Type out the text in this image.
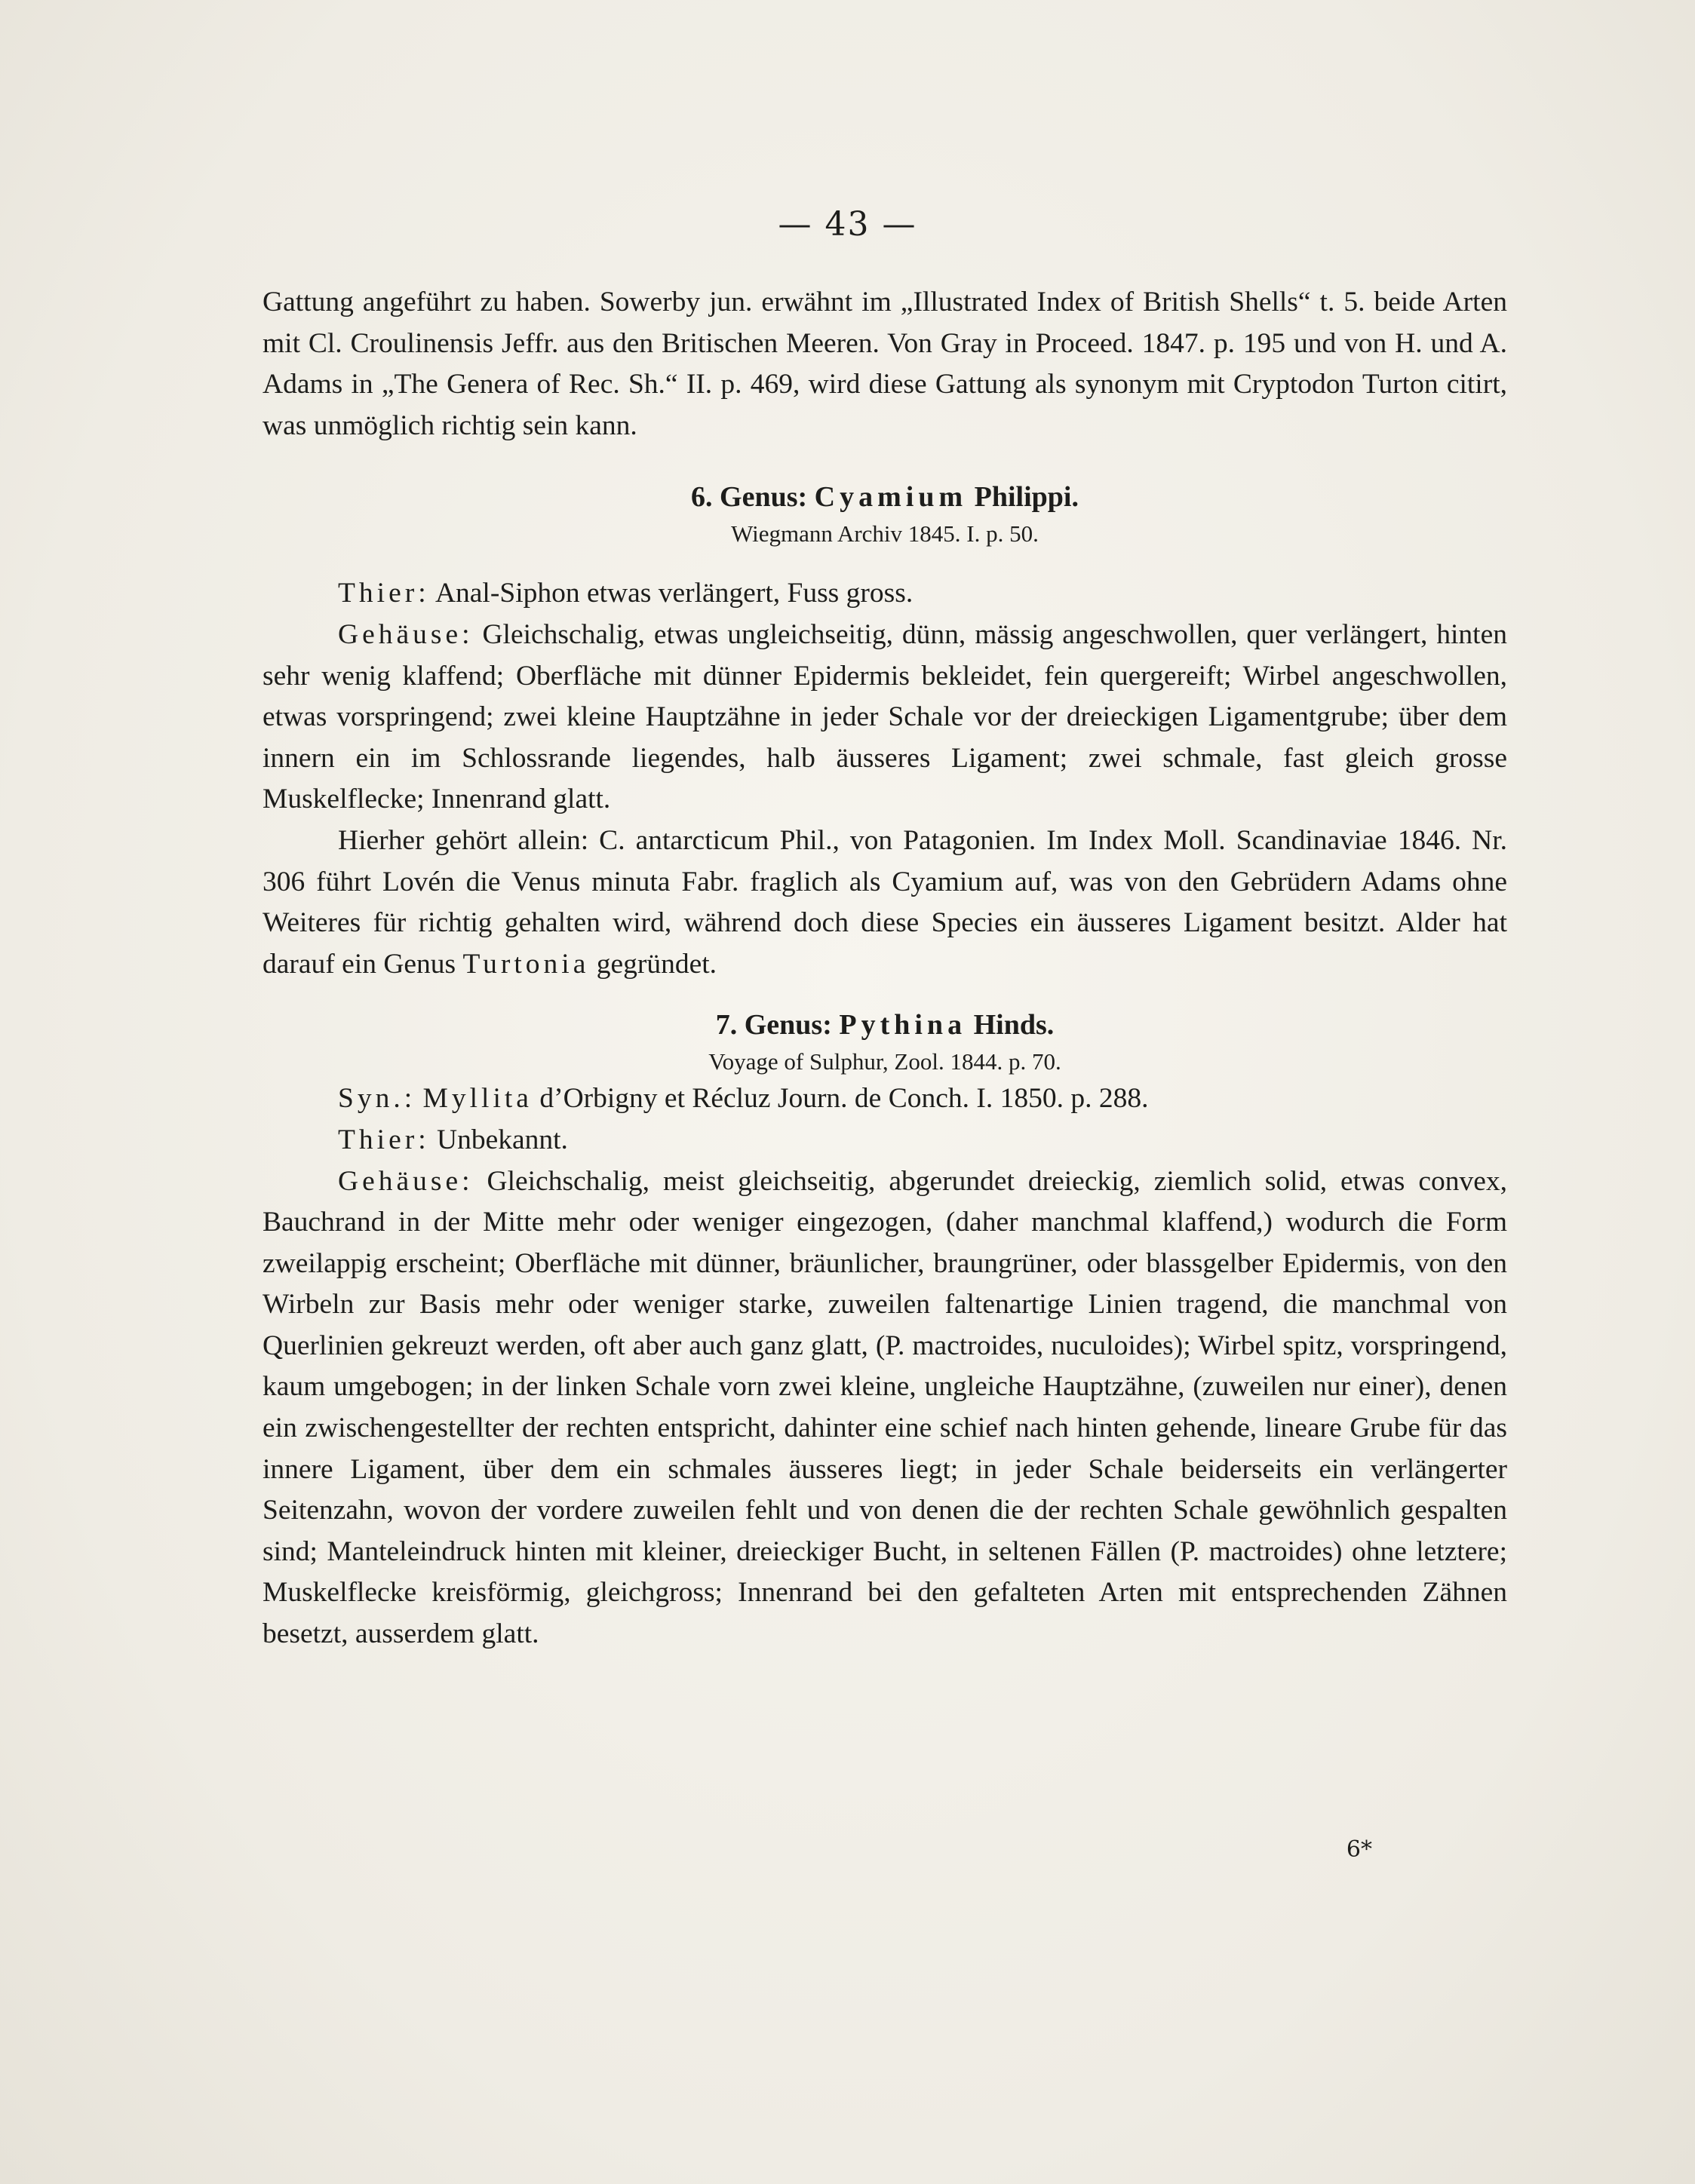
— 43 —

Gattung angeführt zu haben. Sowerby jun. erwähnt im „Illustrated Index of British Shells“ t. 5. beide Arten mit Cl. Croulinensis Jeffr. aus den Britischen Meeren. Von Gray in Proceed. 1847. p. 195 und von H. und A. Adams in „The Genera of Rec. Sh.“ II. p. 469, wird diese Gattung als synonym mit Cryptodon Turton citirt, was unmöglich richtig sein kann.

6. Genus: Cyamium Philippi.
Wiegmann Archiv 1845. I. p. 50.

Thier: Anal-Siphon etwas verlängert, Fuss gross.

Gehäuse: Gleichschalig, etwas ungleichseitig, dünn, mässig angeschwollen, quer verlängert, hinten sehr wenig klaffend; Oberfläche mit dünner Epidermis bekleidet, fein quergereift; Wirbel angeschwollen, etwas vorspringend; zwei kleine Hauptzähne in jeder Schale vor der dreieckigen Ligamentgrube; über dem innern ein im Schlossrande liegendes, halb äusseres Ligament; zwei schmale, fast gleich grosse Muskelflecke; Innenrand glatt.

Hierher gehört allein: C. antarcticum Phil., von Patagonien. Im Index Moll. Scandinaviae 1846. Nr. 306 führt Lovén die Venus minuta Fabr. fraglich als Cyamium auf, was von den Gebrüdern Adams ohne Weiteres für richtig gehalten wird, während doch diese Species ein äusseres Ligament besitzt. Alder hat darauf ein Genus Turtonia gegründet.

7. Genus: Pythina Hinds.
Voyage of Sulphur, Zool. 1844. p. 70.

Syn.: Myllita d’Orbigny et Récluz Journ. de Conch. I. 1850. p. 288.

Thier: Unbekannt.

Gehäuse: Gleichschalig, meist gleichseitig, abgerundet dreieckig, ziemlich solid, etwas convex, Bauchrand in der Mitte mehr oder weniger eingezogen, (daher manchmal klaffend,) wodurch die Form zweilappig erscheint; Oberfläche mit dünner, bräunlicher, braungrüner, oder blassgelber Epidermis, von den Wirbeln zur Basis mehr oder weniger starke, zuweilen faltenartige Linien tragend, die manchmal von Querlinien gekreuzt werden, oft aber auch ganz glatt, (P. mactroides, nuculoides); Wirbel spitz, vorspringend, kaum umgebogen; in der linken Schale vorn zwei kleine, ungleiche Hauptzähne, (zuweilen nur einer), denen ein zwischengestellter der rechten entspricht, dahinter eine schief nach hinten gehende, lineare Grube für das innere Ligament, über dem ein schmales äusseres liegt; in jeder Schale beiderseits ein verlängerter Seitenzahn, wovon der vordere zuweilen fehlt und von denen die der rechten Schale gewöhnlich gespalten sind; Manteleindruck hinten mit kleiner, dreieckiger Bucht, in seltenen Fällen (P. mactroides) ohne letztere; Muskelflecke kreisförmig, gleichgross; Innenrand bei den gefalteten Arten mit entsprechenden Zähnen besetzt, ausserdem glatt.

6*
